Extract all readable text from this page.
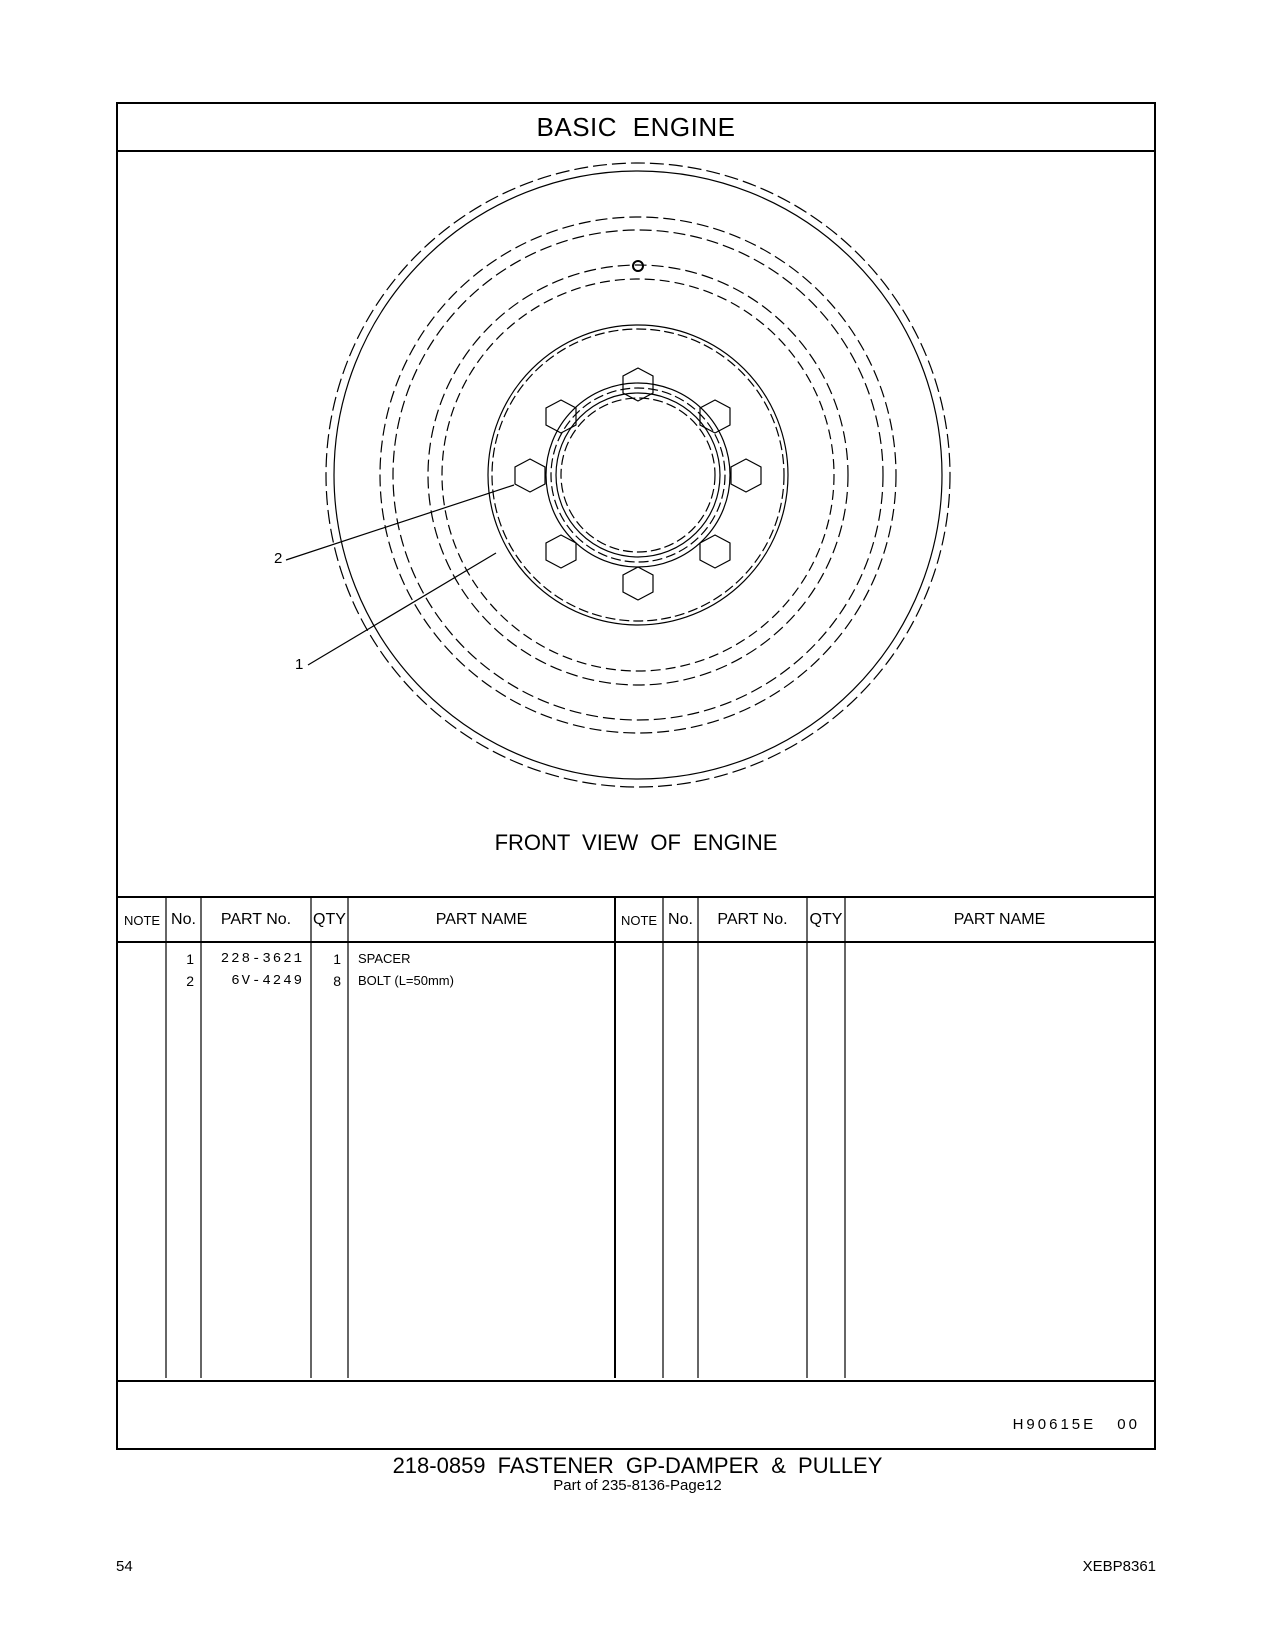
BASIC ENGINE
2
1
FRONT VIEW OF ENGINE
NOTE No.	PART No.	QTY	PART NAME	NOTE No.	PART No.	QTY	PART NAME
1	228-3621	1 SPACER
2	6V-4249	8 BOLT (L=50mm)
H90615E 00
218-0859 FASTENER GP-DAMPER & PULLEY
Part of 235-8136-Page12
54	XEBP8361
